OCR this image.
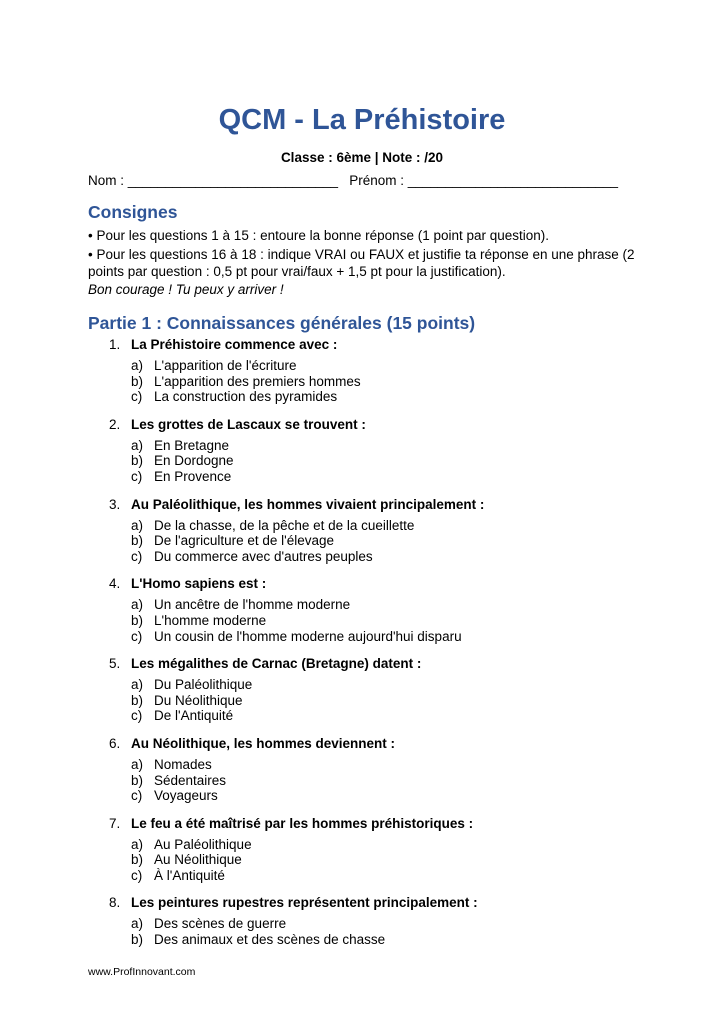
QCM - La Préhistoire
Classe : 6ème | Note : /20
Nom : ____________________________   Prénom : ____________________________
Consignes
• Pour les questions 1 à 15 : entoure la bonne réponse (1 point par question).
• Pour les questions 16 à 18 : indique VRAI ou FAUX et justifie ta réponse en une phrase (2 points par question : 0,5 pt pour vrai/faux + 1,5 pt pour la justification).
Bon courage ! Tu peux y arriver !
Partie 1 : Connaissances générales (15 points)
1. La Préhistoire commence avec :
a) L'apparition de l'écriture
b) L'apparition des premiers hommes
c) La construction des pyramides
2. Les grottes de Lascaux se trouvent :
a) En Bretagne
b) En Dordogne
c) En Provence
3. Au Paléolithique, les hommes vivaient principalement :
a) De la chasse, de la pêche et de la cueillette
b) De l'agriculture et de l'élevage
c) Du commerce avec d'autres peuples
4. L'Homo sapiens est :
a) Un ancêtre de l'homme moderne
b) L'homme moderne
c) Un cousin de l'homme moderne aujourd'hui disparu
5. Les mégalithes de Carnac (Bretagne) datent :
a) Du Paléolithique
b) Du Néolithique
c) De l'Antiquité
6. Au Néolithique, les hommes deviennent :
a) Nomades
b) Sédentaires
c) Voyageurs
7. Le feu a été maîtrisé par les hommes préhistoriques :
a) Au Paléolithique
b) Au Néolithique
c) À l'Antiquité
8. Les peintures rupestres représentent principalement :
a) Des scènes de guerre
b) Des animaux et des scènes de chasse
www.ProfInnovant.com
